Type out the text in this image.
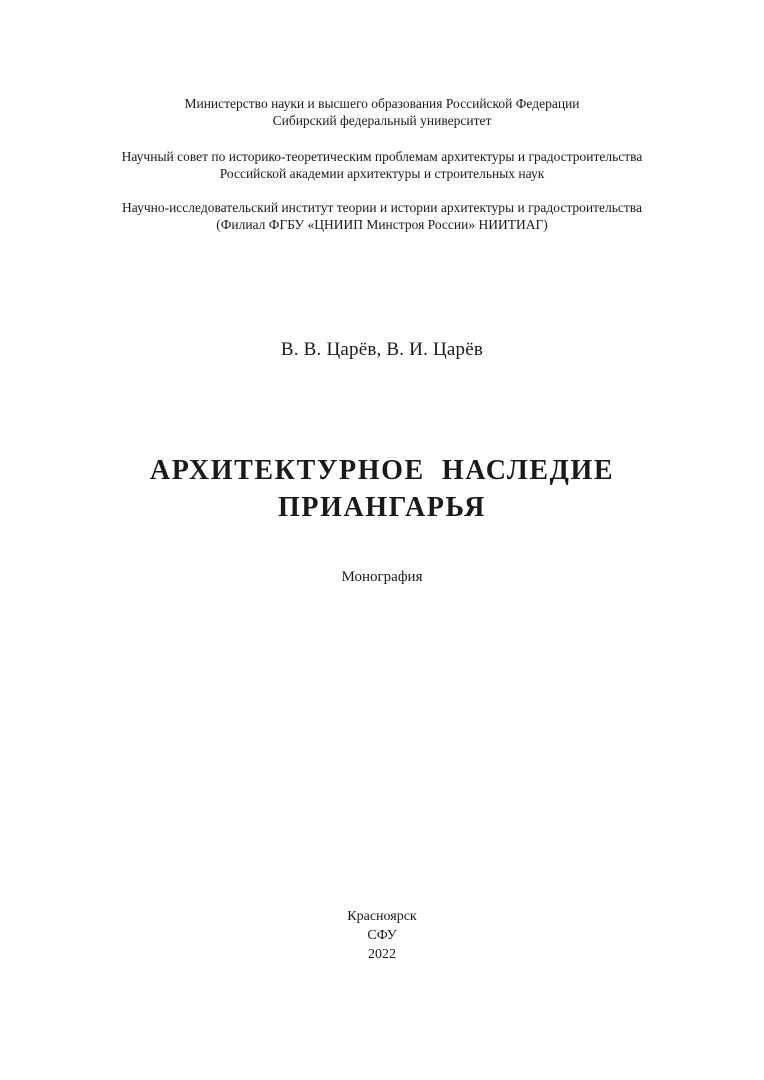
Министерство науки и высшего образования Российской Федерации
Сибирский федеральный университет
Научный совет по историко-теоретическим проблемам архитектуры и градостроительства
Российской академии архитектуры и строительных наук
Научно-исследовательский институт теории и истории архитектуры и градостроительства
(Филиал ФГБУ «ЦНИИП Минстроя России» НИИТИАГ)
В. В. Царёв, В. И. Царёв
АРХИТЕКТУРНОЕ  НАСЛЕДИЕ
ПРИАНГАРЬЯ
Монография
Красноярск
СФУ
2022
